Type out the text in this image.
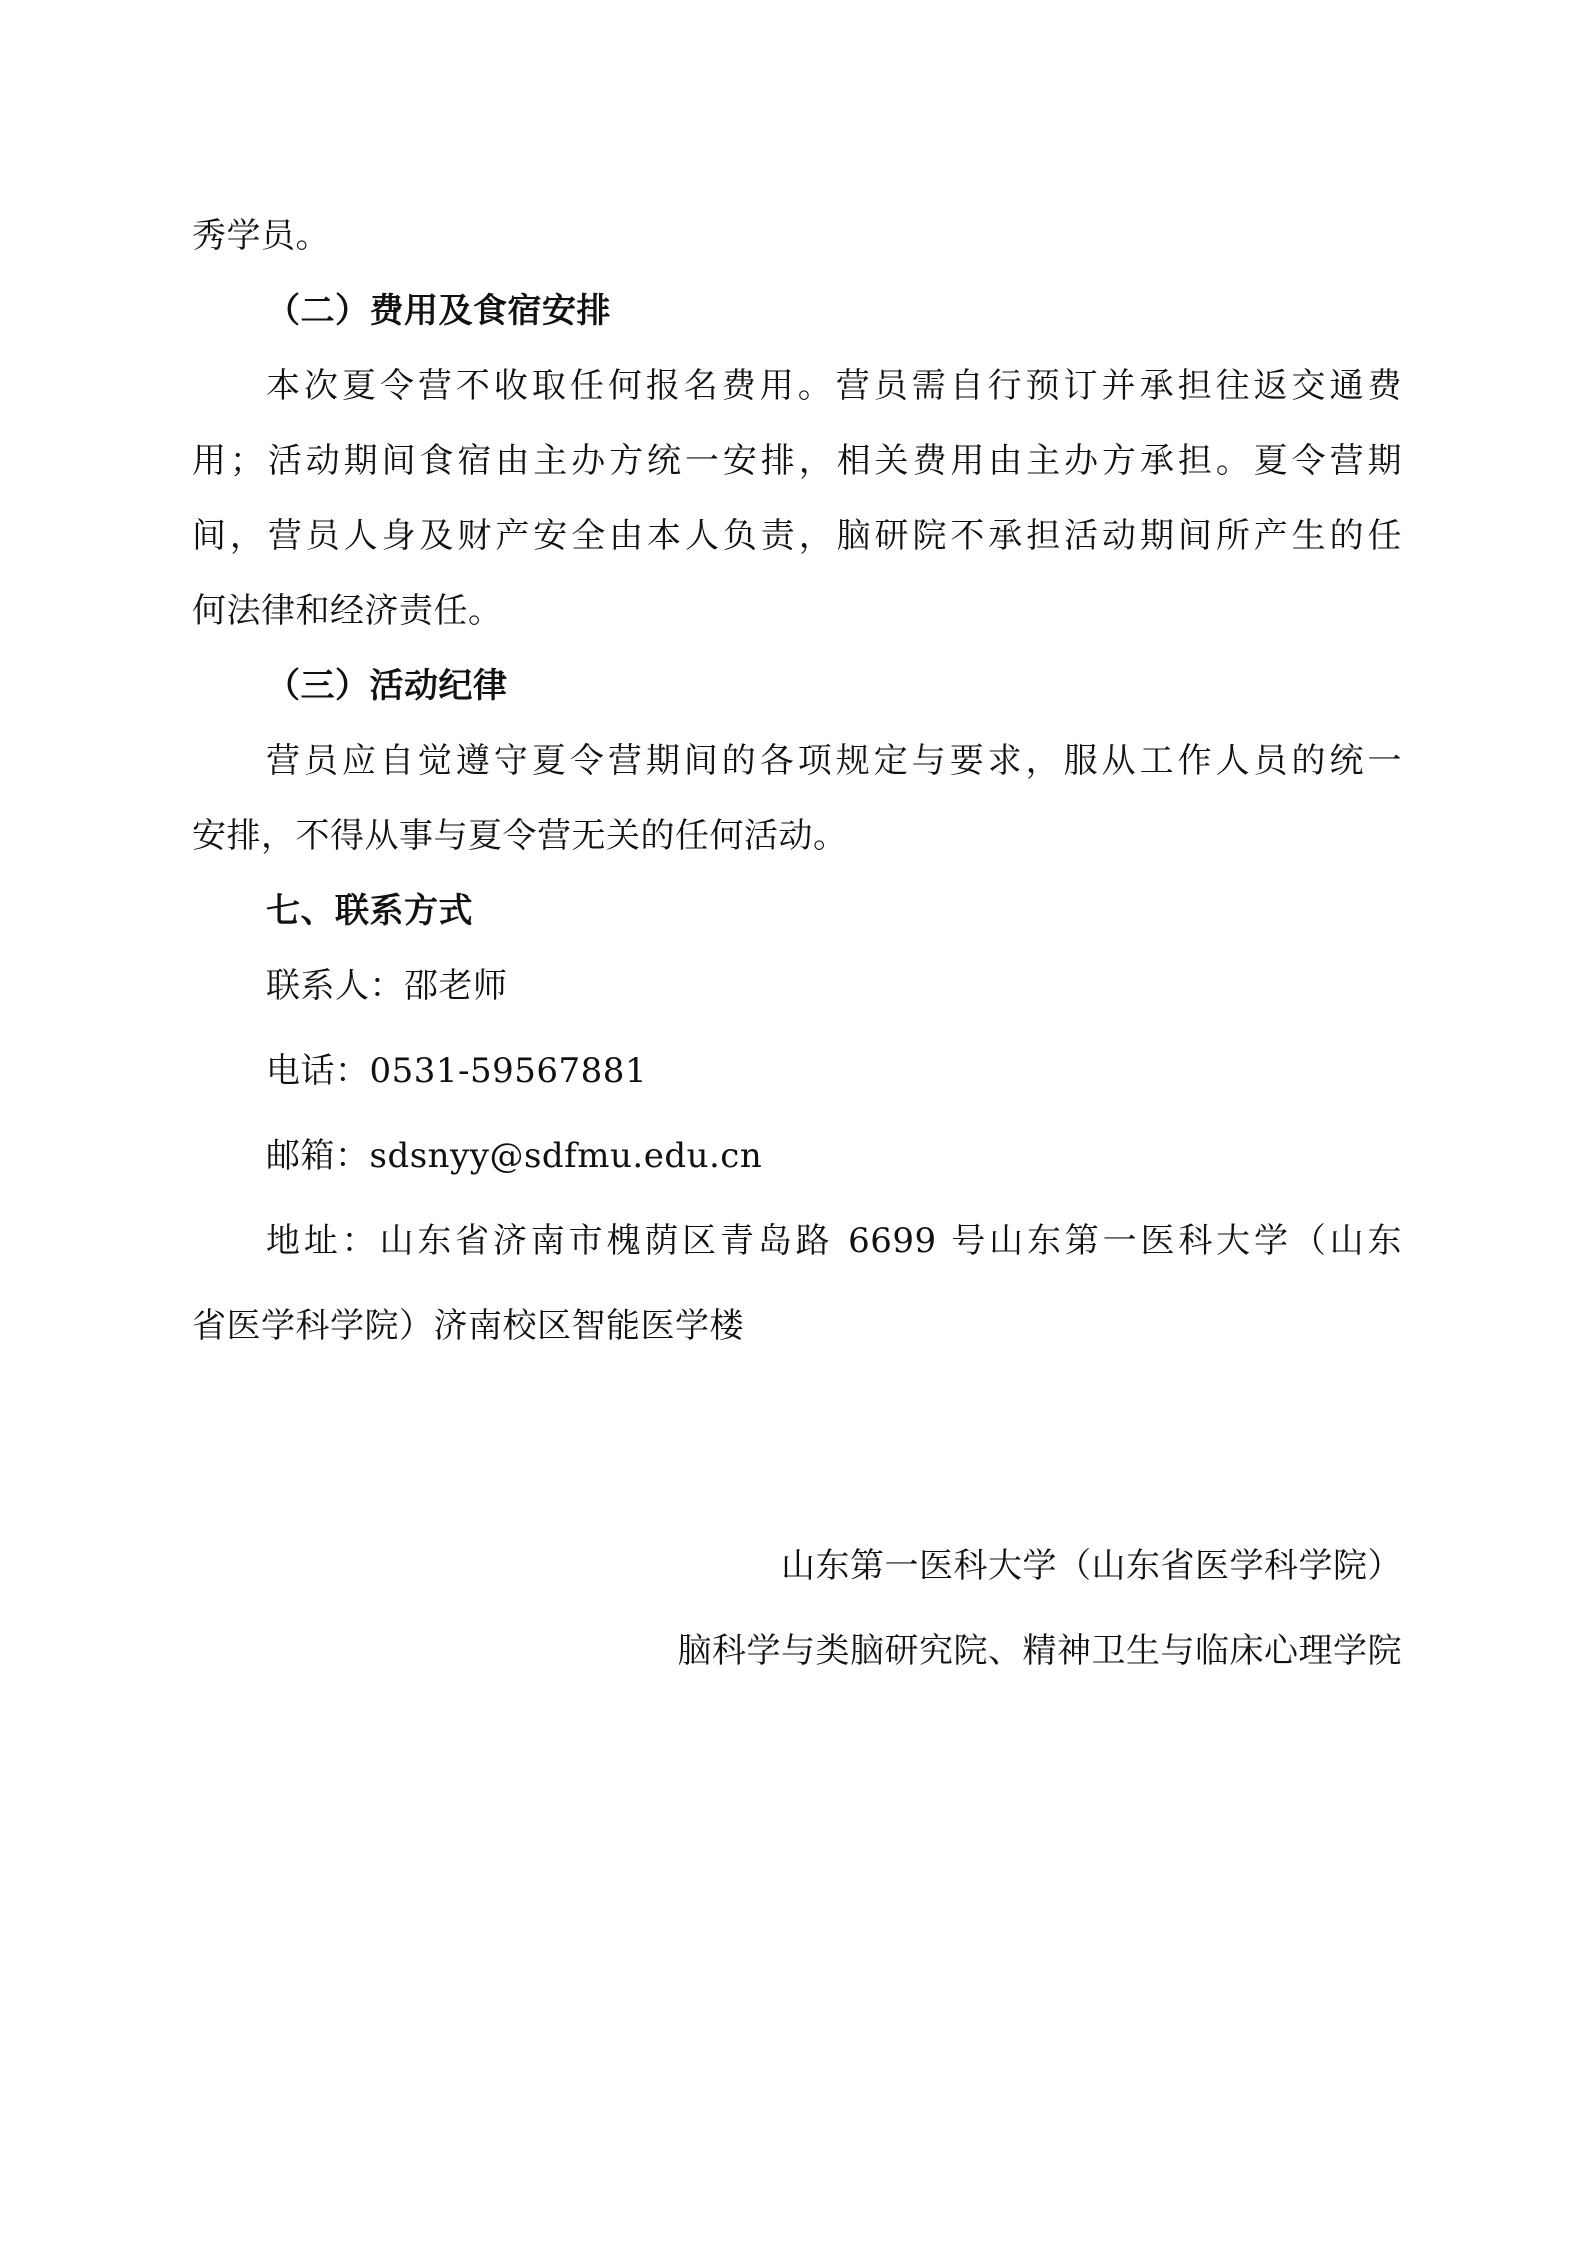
秀学员。
（二）费用及食宿安排
本次夏令营不收取任何报名费用。营员需自行预订并承担往返交通费
用；活动期间食宿由主办方统一安排，相关费用由主办方承担。夏令营期
间，营员人身及财产安全由本人负责，脑研院不承担活动期间所产生的任
何法律和经济责任。
（三）活动纪律
营员应自觉遵守夏令营期间的各项规定与要求，服从工作人员的统一
安排，不得从事与夏令营无关的任何活动。
七、联系方式
联系人：邵老师
电话：0531-59567881
邮箱：sdsnyy@sdfmu.edu.cn
地址：山东省济南市槐荫区青岛路 6699 号山东第一医科大学（山东
省医学科学院）济南校区智能医学楼
山东第一医科大学（山东省医学科学院）
脑科学与类脑研究院、精神卫生与临床心理学院
